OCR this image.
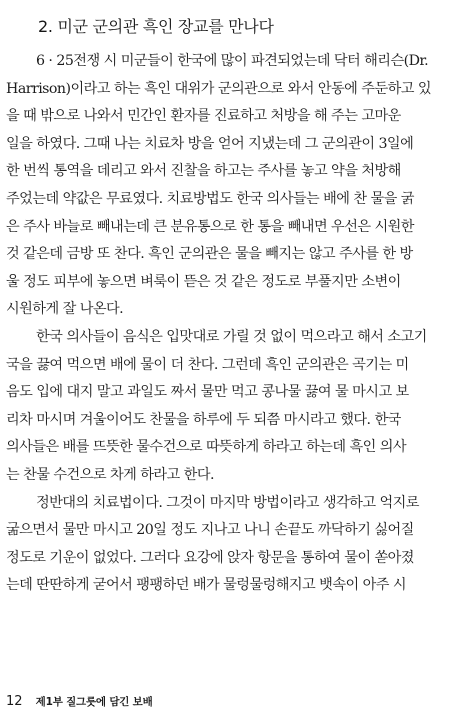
2. 미군 군의관 흑인 장교를 만나다
6 · 25전쟁 시 미군들이 한국에 많이 파견되었는데 닥터 해리슨(Dr.
Harrison)이라고 하는 흑인 대위가 군의관으로 와서 안동에 주둔하고 있
을 때 밖으로 나와서 민간인 환자를 진료하고 처방을 해 주는 고마운
일을 하였다. 그때 나는 치료차 방을 얻어 지냈는데 그 군의관이 3일에
한 번씩 통역을 데리고 와서 진찰을 하고는 주사를 놓고 약을 처방해
주었는데 약값은 무료였다. 치료방법도 한국 의사들는 배에 찬 물을 굵
은 주사 바늘로 빼내는데 큰 분유통으로 한 통을 빼내면 우선은 시원한
것 같은데 금방 또 찬다. 흑인 군의관은 물을 빼지는 않고 주사를 한 방
울 정도 피부에 놓으면 벼룩이 뜯은 것 같은 정도로 부풀지만 소변이
시원하게 잘 나온다.
한국 의사들이 음식은 입맛대로 가릴 것 없이 먹으라고 해서 소고기
국을 끓여 먹으면 배에 물이 더 찬다. 그런데 흑인 군의관은 곡기는 미
음도 입에 대지 말고 과일도 짜서 물만 먹고 콩나물 끓여 물 마시고 보
리차 마시며 겨울이어도 찬물을 하루에 두 되쯤 마시라고 했다. 한국
의사들은 배를 뜨뜻한 물수건으로 따뜻하게 하라고 하는데 흑인 의사
는 찬물 수건으로 차게 하라고 한다.
정반대의 치료법이다. 그것이 마지막 방법이라고 생각하고 억지로
굶으면서 물만 마시고 20일 정도 지나고 나니 손끝도 까닥하기 싫어질
정도로 기운이 없었다. 그러다 요강에 앉자 항문을 통하여 물이 쏟아졌
는데 딴딴하게 굳어서 팽팽하던 배가 물렁물렁해지고 뱃속이 아주 시
12 제1부 질그릇에 담긴 보배
